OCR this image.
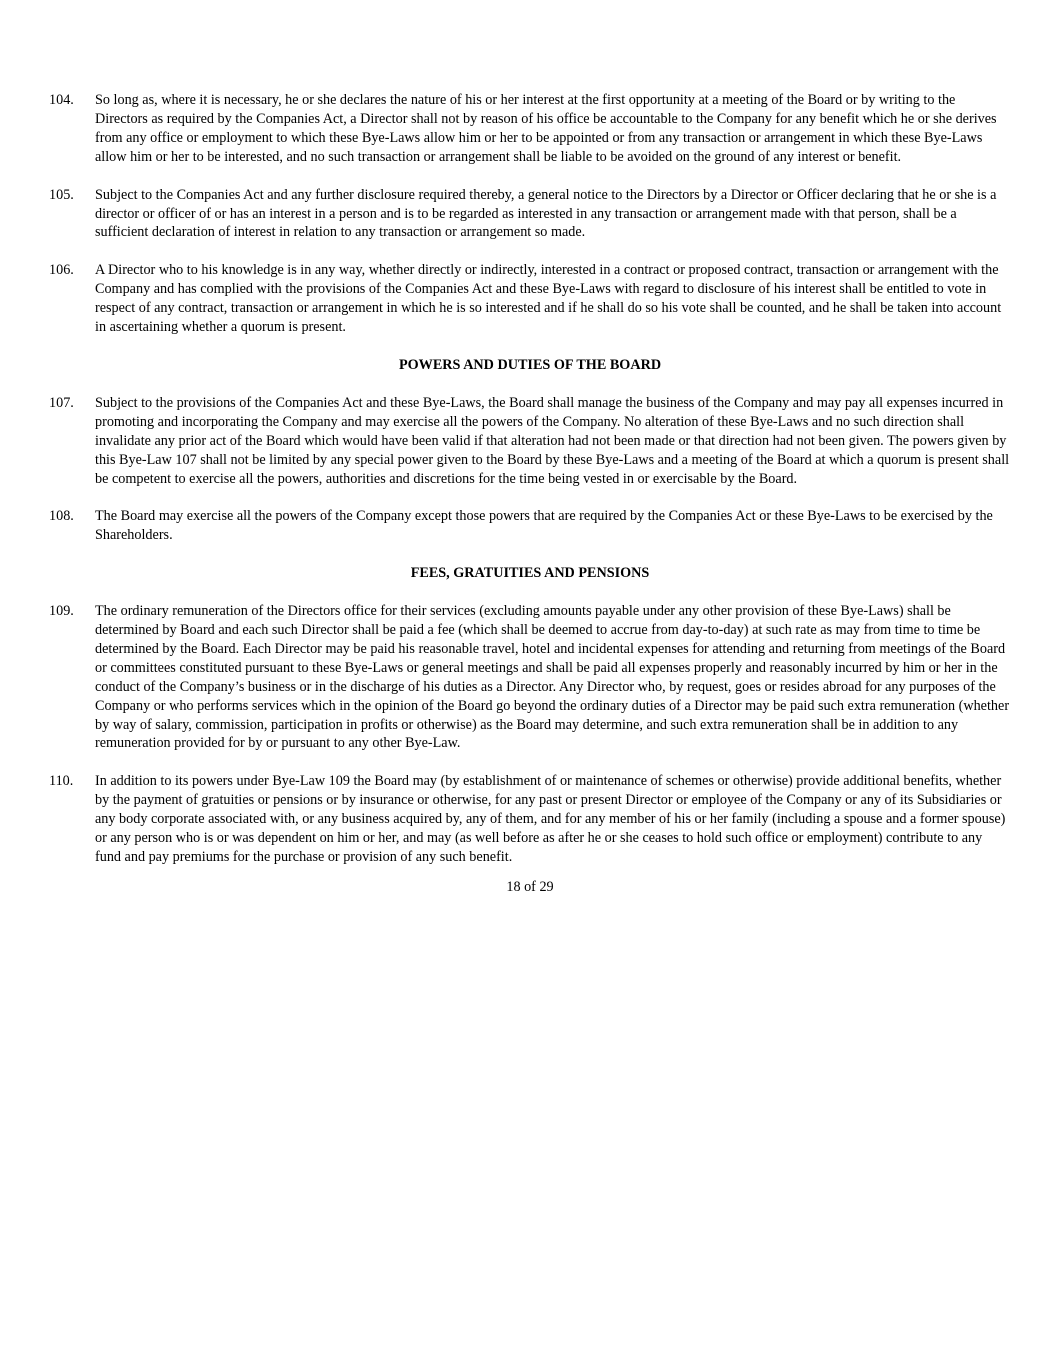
104.	So long as, where it is necessary, he or she declares the nature of his or her interest at the first opportunity at a meeting of the Board or by writing to the Directors as required by the Companies Act, a Director shall not by reason of his office be accountable to the Company for any benefit which he or she derives from any office or employment to which these Bye-Laws allow him or her to be appointed or from any transaction or arrangement in which these Bye-Laws allow him or her to be interested, and no such transaction or arrangement shall be liable to be avoided on the ground of any interest or benefit.
105.	Subject to the Companies Act and any further disclosure required thereby, a general notice to the Directors by a Director or Officer declaring that he or she is a director or officer of or has an interest in a person and is to be regarded as interested in any transaction or arrangement made with that person, shall be a sufficient declaration of interest in relation to any transaction or arrangement so made.
106.	A Director who to his knowledge is in any way, whether directly or indirectly, interested in a contract or proposed contract, transaction or arrangement with the Company and has complied with the provisions of the Companies Act and these Bye-Laws with regard to disclosure of his interest shall be entitled to vote in respect of any contract, transaction or arrangement in which he is so interested and if he shall do so his vote shall be counted, and he shall be taken into account in ascertaining whether a quorum is present.
POWERS AND DUTIES OF THE BOARD
107.	Subject to the provisions of the Companies Act and these Bye-Laws, the Board shall manage the business of the Company and may pay all expenses incurred in promoting and incorporating the Company and may exercise all the powers of the Company. No alteration of these Bye-Laws and no such direction shall invalidate any prior act of the Board which would have been valid if that alteration had not been made or that direction had not been given. The powers given by this Bye-Law 107 shall not be limited by any special power given to the Board by these Bye-Laws and a meeting of the Board at which a quorum is present shall be competent to exercise all the powers, authorities and discretions for the time being vested in or exercisable by the Board.
108.	The Board may exercise all the powers of the Company except those powers that are required by the Companies Act or these Bye-Laws to be exercised by the Shareholders.
FEES, GRATUITIES AND PENSIONS
109.	The ordinary remuneration of the Directors office for their services (excluding amounts payable under any other provision of these Bye-Laws) shall be determined by Board and each such Director shall be paid a fee (which shall be deemed to accrue from day-to-day) at such rate as may from time to time be determined by the Board. Each Director may be paid his reasonable travel, hotel and incidental expenses for attending and returning from meetings of the Board or committees constituted pursuant to these Bye-Laws or general meetings and shall be paid all expenses properly and reasonably incurred by him or her in the conduct of the Company’s business or in the discharge of his duties as a Director. Any Director who, by request, goes or resides abroad for any purposes of the Company or who performs services which in the opinion of the Board go beyond the ordinary duties of a Director may be paid such extra remuneration (whether by way of salary, commission, participation in profits or otherwise) as the Board may determine, and such extra remuneration shall be in addition to any remuneration provided for by or pursuant to any other Bye-Law.
110.	In addition to its powers under Bye-Law 109 the Board may (by establishment of or maintenance of schemes or otherwise) provide additional benefits, whether by the payment of gratuities or pensions or by insurance or otherwise, for any past or present Director or employee of the Company or any of its Subsidiaries or any body corporate associated with, or any business acquired by, any of them, and for any member of his or her family (including a spouse and a former spouse) or any person who is or was dependent on him or her, and may (as well before as after he or she ceases to hold such office or employment) contribute to any fund and pay premiums for the purchase or provision of any such benefit.
18 of 29
